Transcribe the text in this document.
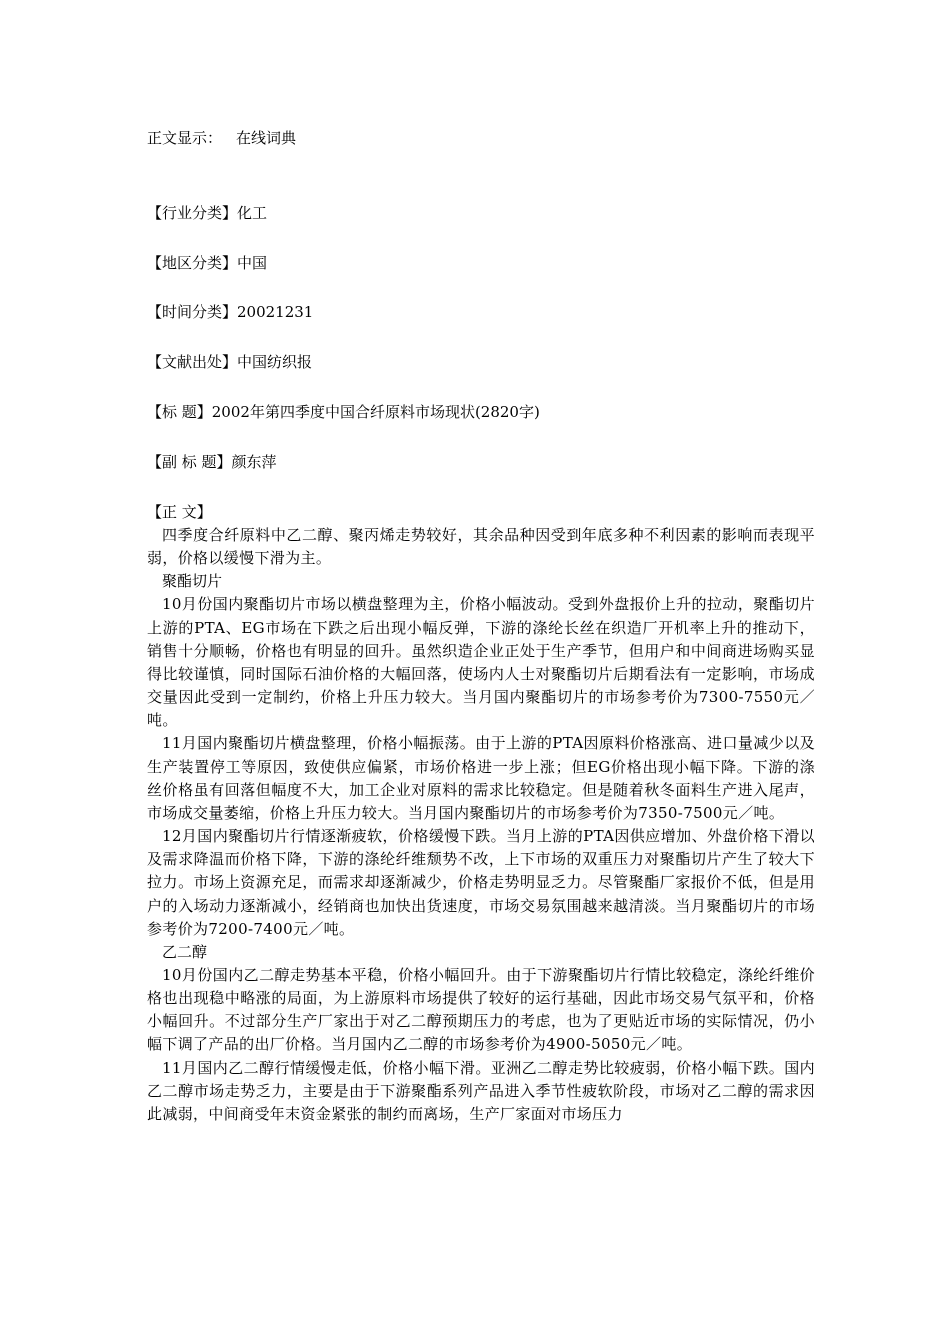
正文显示： 在线词典
【行业分类】化工
【地区分类】中国
【时间分类】20021231
【文献出处】中国纺织报
【标 题】2002年第四季度中国合纤原料市场现状(2820字)
【副 标 题】颜东萍
【正 文】

四季度合纤原料中乙二醇、聚丙烯走势较好，其余品种因受到年底多种不利因素的影响而表现平弱，价格以缓慢下滑为主。

聚酯切片

10月份国内聚酯切片市场以横盘整理为主，价格小幅波动。受到外盘报价上升的拉动，聚酯切片上游的PTA、EG市场在下跌之后出现小幅反弹，下游的涤纶长丝在织造厂开机率上升的推动下，销售十分顺畅，价格也有明显的回升。虽然织造企业正处于生产季节，但用户和中间商进场购买显得比较谨慎，同时国际石油价格的大幅回落，使场内人士对聚酯切片后期看法有一定影响，市场成交量因此受到一定制约，价格上升压力较大。当月国内聚酯切片的市场参考价为7300-7550元／吨。

11月国内聚酯切片横盘整理，价格小幅振荡。由于上游的PTA因原料价格涨高、进口量减少以及生产装置停工等原因，致使供应偏紧，市场价格进一步上涨；但EG价格出现小幅下降。下游的涤丝价格虽有回落但幅度不大，加工企业对原料的需求比较稳定。但是随着秋冬面料生产进入尾声，市场成交量萎缩，价格上升压力较大。当月国内聚酯切片的市场参考价为7350-7500元／吨。

12月国内聚酯切片行情逐渐疲软，价格缓慢下跌。当月上游的PTA因供应增加、外盘价格下滑以及需求降温而价格下降，下游的涤纶纤维颓势不改，上下市场的双重压力对聚酯切片产生了较大下拉力。市场上资源充足，而需求却逐渐减少，价格走势明显乏力。尽管聚酯厂家报价不低，但是用户的入场动力逐渐减小，经销商也加快出货速度，市场交易氛围越来越清淡。当月聚酯切片的市场参考价为7200-7400元／吨。

乙二醇

10月份国内乙二醇走势基本平稳，价格小幅回升。由于下游聚酯切片行情比较稳定，涤纶纤维价格也出现稳中略涨的局面，为上游原料市场提供了较好的运行基础，因此市场交易气氛平和，价格小幅回升。不过部分生产厂家出于对乙二醇预期压力的考虑，也为了更贴近市场的实际情况，仍小幅下调了产品的出厂价格。当月国内乙二醇的市场参考价为4900-5050元／吨。

11月国内乙二醇行情缓慢走低，价格小幅下滑。亚洲乙二醇走势比较疲弱，价格小幅下跌。国内乙二醇市场走势乏力，主要是由于下游聚酯系列产品进入季节性疲软阶段，市场对乙二醇的需求因此减弱，中间商受年末资金紧张的制约而离场，生产厂家面对市场压力
